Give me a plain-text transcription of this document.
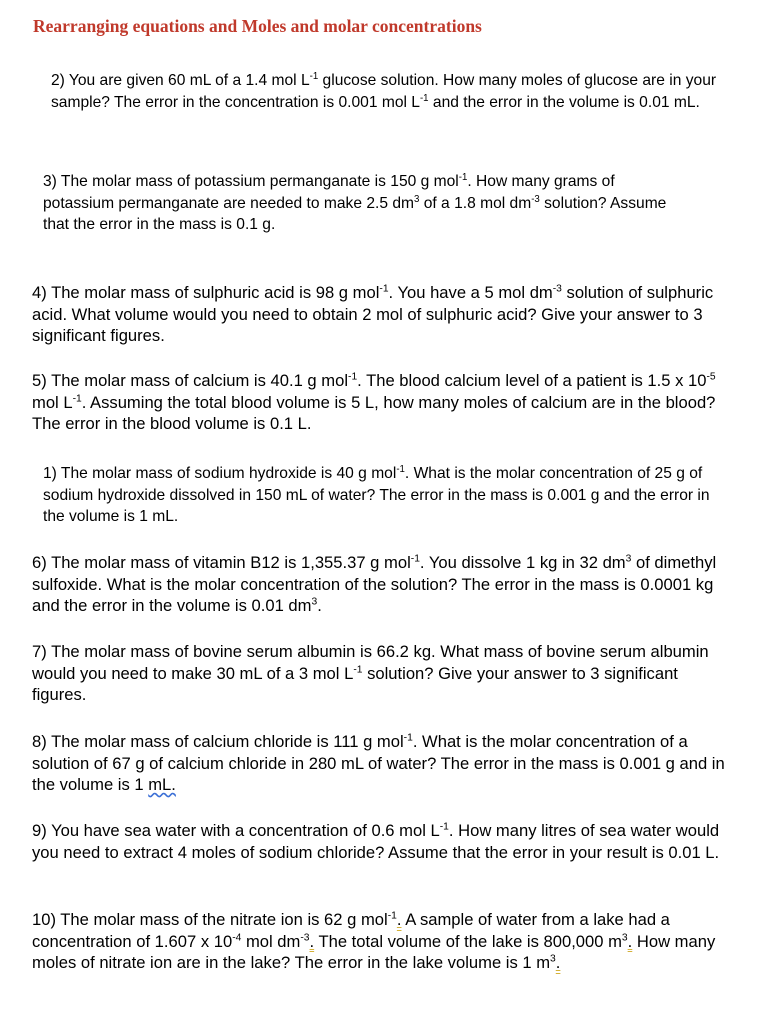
Rearranging equations and Moles and molar concentrations

2) You are given 60 mL of a 1.4 mol $L^{-1}$ glucose solution. How many moles of glucose are in your sample? The error in the concentration is 0.001 mol $L^{-1}$ and the error in the volume is 0.01 mL.

3) The molar mass of potassium permanganate is 150 g mol$^{-1}$. How many grams of potassium permanganate are needed to make 2.5 $dm^3$ of a 1.8 mol $dm^{-3}$ solution? Assume that the error in the mass is 0.1 g.

4) The molar mass of sulphuric acid is 98 g mol$^{-1}$. You have a 5 mol $dm^{-3}$ solution of sulphuric acid. What volume would you need to obtain 2 mol of sulphuric acid? Give your answer to 3 significant figures.

5) The molar mass of calcium is 40.1 g mol$^{-1}$. The blood calcium level of a patient is 1.5 x $10^{-5}$ mol $L^{-1}$. Assuming the total blood volume is 5 L, how many moles of calcium are in the blood? The error in the blood volume is 0.1 L.

1) The molar mass of sodium hydroxide is 40 g mol$^{-1}$. What is the molar concentration of 25 g of sodium hydroxide dissolved in 150 mL of water? The error in the mass is 0.001 g and the error in the volume is 1 mL.

6) The molar mass of vitamin B12 is 1,355.37 g mol$^{-1}$. You dissolve 1 kg in 32 $dm^3$ of dimethyl sulfoxide. What is the molar concentration of the solution? The error in the mass is 0.0001 kg and the error in the volume is 0.01 $dm^3$.

7) The molar mass of bovine serum albumin is 66.2 kg. What mass of bovine serum albumin would you need to make 30 mL of a 3 mol $L^{-1}$ solution? Give your answer to 3 significant figures.

8) The molar mass of calcium chloride is 111 g mol$^{-1}$. What is the molar concentration of a solution of 67 g of calcium chloride in 280 mL of water? The error in the mass is 0.001 g and in the volume is 1 mL.

9) You have sea water with a concentration of 0.6 mol $L^{-1}$. How many litres of sea water would you need to extract 4 moles of sodium chloride? Assume that the error in your result is 0.01 L.

10) The molar mass of the nitrate ion is 62 g mol$^{-1}$. A sample of water from a lake had a concentration of 1.607 x $10^{-4}$ mol $dm^{-3}$. The total volume of the lake is 800,000 $m^3$. How many moles of nitrate ion are in the lake? The error in the lake volume is 1 $m^3$.
